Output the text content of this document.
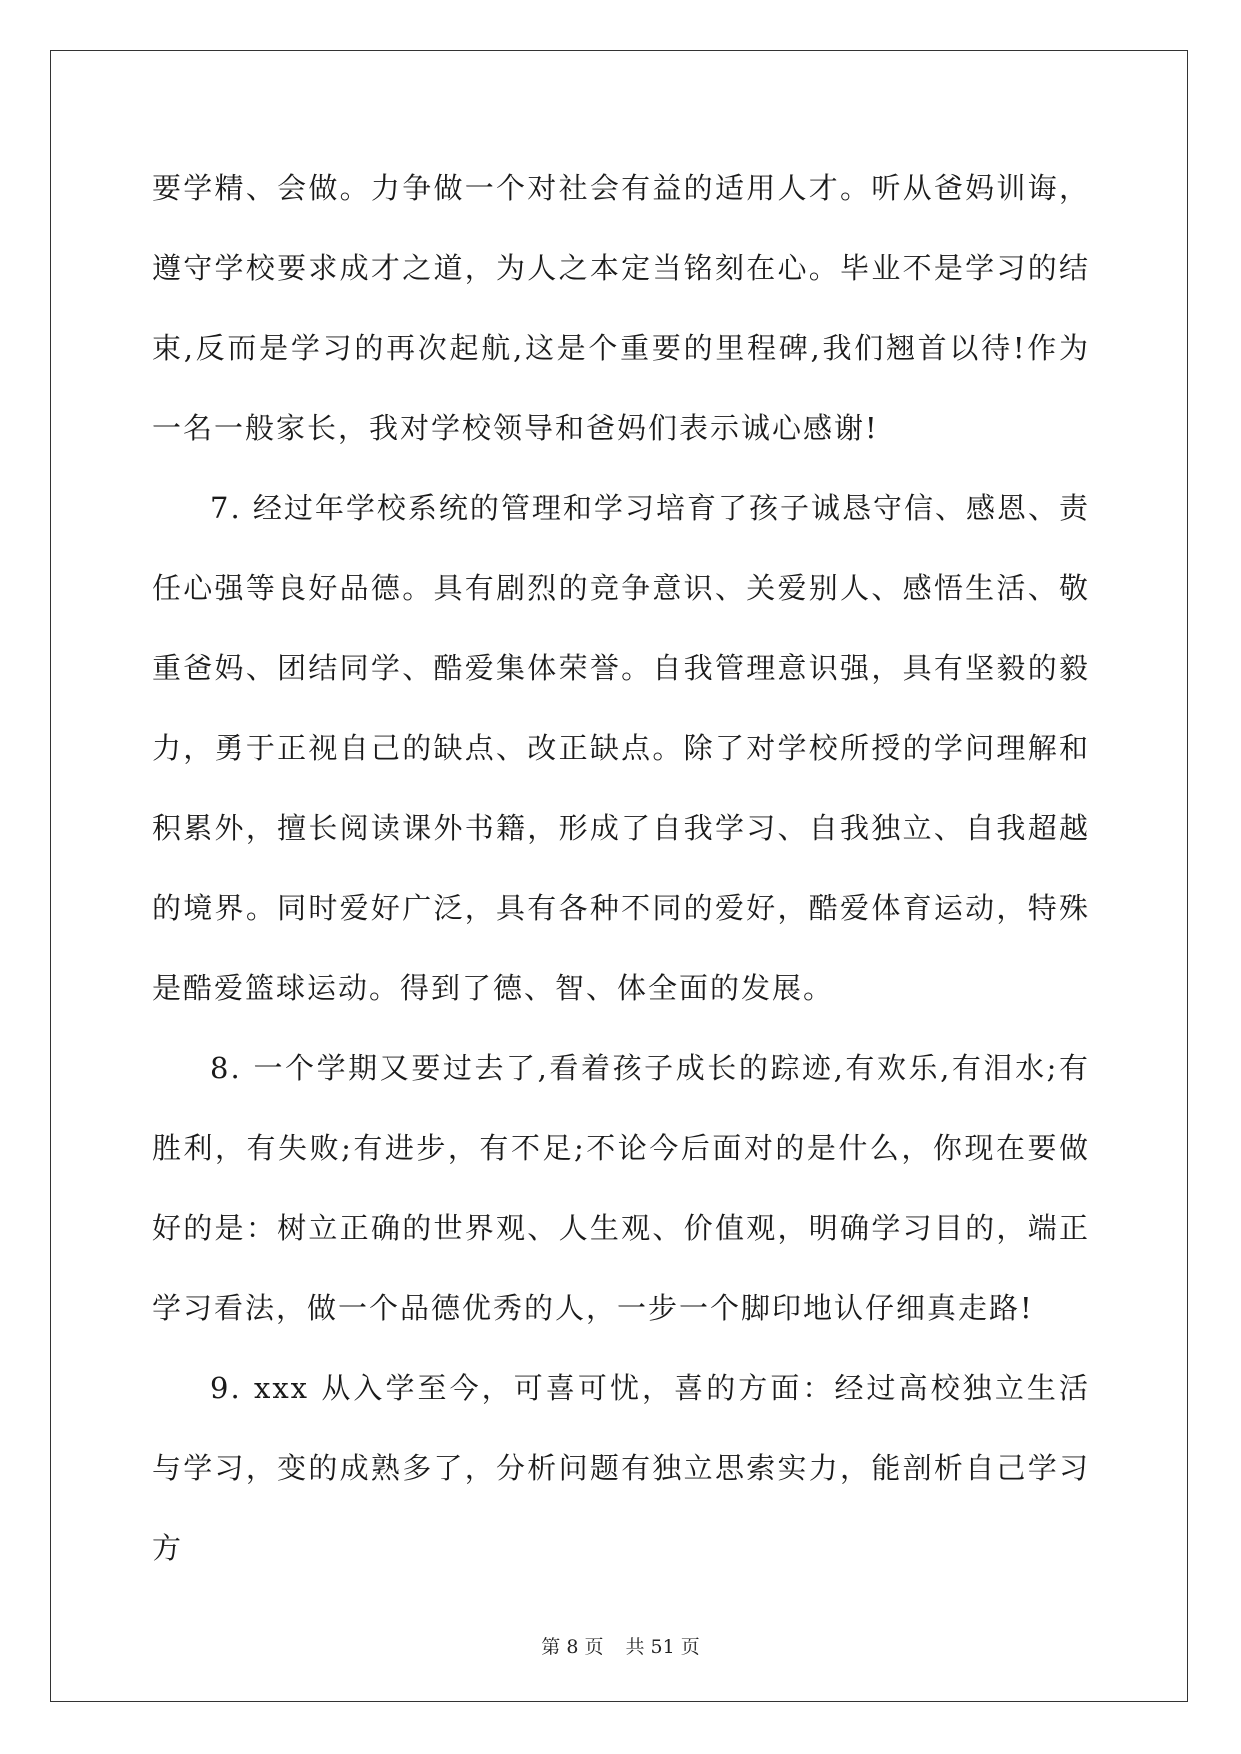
要学精、会做。力争做一个对社会有益的适用人才。听从爸妈训诲，遵守学校要求成才之道，为人之本定当铭刻在心。毕业不是学习的结束,反而是学习的再次起航,这是个重要的里程碑,我们翘首以待!作为一名一般家长，我对学校领导和爸妈们表示诚心感谢!

7. 经过年学校系统的管理和学习培育了孩子诚恳守信、感恩、责任心强等良好品德。具有剧烈的竞争意识、关爱别人、感悟生活、敬重爸妈、团结同学、酷爱集体荣誉。自我管理意识强，具有坚毅的毅力，勇于正视自己的缺点、改正缺点。除了对学校所授的学问理解和积累外，擅长阅读课外书籍，形成了自我学习、自我独立、自我超越的境界。同时爱好广泛，具有各种不同的爱好，酷爱体育运动，特殊是酷爱篮球运动。得到了德、智、体全面的发展。

8. 一个学期又要过去了,看着孩子成长的踪迹,有欢乐,有泪水;有胜利，有失败;有进步，有不足;不论今后面对的是什么，你现在要做好的是：树立正确的世界观、人生观、价值观，明确学习目的，端正学习看法，做一个品德优秀的人，一步一个脚印地认仔细真走路!

9. xxx 从入学至今，可喜可忧，喜的方面：经过高校独立生活与学习，变的成熟多了，分析问题有独立思索实力，能剖析自己学习方

第 8 页 共 51 页
